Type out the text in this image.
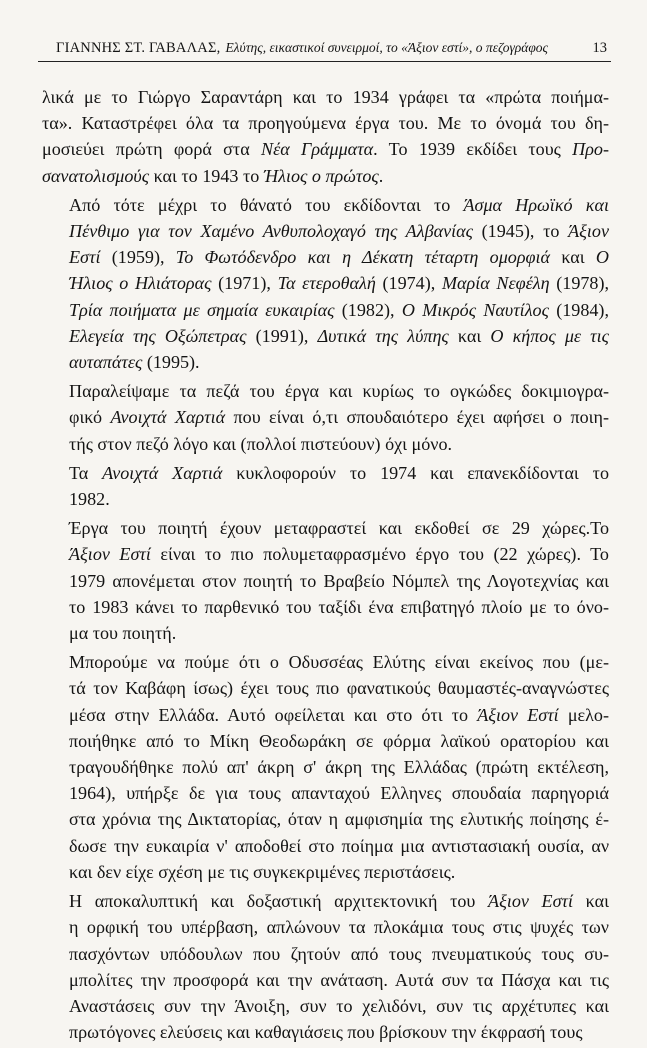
ΓΙΑΝΝΗΣ ΣΤ. ΓΑΒΑΛΑΣ, Ελύτης, εικαστικοί συνειρμοί, το «Άξιον εστί», ο πεζογράφος	13

λικά με το Γιώργο Σαραντάρη και το 1934 γράφει τα «πρώτα ποιήμα-
τα». Καταστρέφει όλα τα προηγούμενα έργα του. Με το όνομά του δη-
μοσιεύει πρώτη φορά στα Νέα Γράμματα. Το 1939 εκδίδει τους Προ-
σανατολισμούς και το 1943 το Ήλιος ο πρώτος.

Από τότε μέχρι το θάνατό του εκδίδονται το Άσμα Ηρωϊκό και
Πένθιμο για τον Χαμένο Ανθυπολοχαγό της Αλβανίας (1945), το Άξιον
Εστί (1959), Το Φωτόδενδρο και η Δέκατη τέταρτη ομορφιά και Ο
Ήλιος ο Ηλιάτορας (1971), Τα ετεροθαλή (1974), Μαρία Νεφέλη (1978),
Τρία ποιήματα με σημαία ευκαιρίας (1982), Ο Μικρός Ναυτίλος (1984),
Ελεγεία της Οξώπετρας (1991), Δυτικά της λύπης και Ο κήπος με τις
αυταπάτες (1995).

Παραλείψαμε τα πεζά του έργα και κυρίως το ογκώδες δοκιμιογρα-
φικό Ανοιχτά Χαρτιά που είναι ό,τι σπουδαιότερο έχει αφήσει ο ποιη-
τής στον πεζό λόγο και (πολλοί πιστεύουν) όχι μόνο.

Τα Ανοιχτά Χαρτιά κυκλοφορούν το 1974 και επανεκδίδονται το
1982.

Έργα του ποιητή έχουν μεταφραστεί και εκδοθεί σε 29 χώρες.Το
Άξιον Εστί είναι το πιο πολυμεταφρασμένο έργο του (22 χώρες). Το
1979 απονέμεται στον ποιητή το Βραβείο Νόμπελ της Λογοτεχνίας και
το 1983 κάνει το παρθενικό του ταξίδι ένα επιβατηγό πλοίο με το όνο-
μα του ποιητή.

Μπορούμε να πούμε ότι ο Οδυσσέας Ελύτης είναι εκείνος που (με-
τά τον Καβάφη ίσως) έχει τους πιο φανατικούς θαυμαστές-αναγνώστες
μέσα στην Ελλάδα. Αυτό οφείλεται και στο ότι το Άξιον Εστί μελο-
ποιήθηκε από το Μίκη Θεοδωράκη σε φόρμα λαϊκού ορατορίου και
τραγουδήθηκε πολύ απ' άκρη σ' άκρη της Ελλάδας (πρώτη εκτέλεση,
1964), υπήρξε δε για τους απανταχού Ελληνες σπουδαία παρηγοριά
στα χρόνια της Δικτατορίας, όταν η αμφισημία της ελυτικής ποίησης έ-
δωσε την ευκαιρία ν' αποδοθεί στο ποίημα μια αντιστασιακή ουσία, αν
και δεν είχε σχέση με τις συγκεκριμένες περιστάσεις.

Η αποκαλυπτική και δοξαστική αρχιτεκτονική του Άξιον Εστί και
η ορφική του υπέρβαση, απλώνουν τα πλοκάμια τους στις ψυχές των
πασχόντων υπόδουλων που ζητούν από τους πνευματικούς τους συ-
μπολίτες την προσφορά και την ανάταση. Αυτά συν τα Πάσχα και τις
Αναστάσεις συν την Άνοιξη, συν το χελιδόνι, συν τις αρχέτυπες και
πρωτόγονες ελεύσεις και καθαγιάσεις που βρίσκουν την έκφρασή τους
